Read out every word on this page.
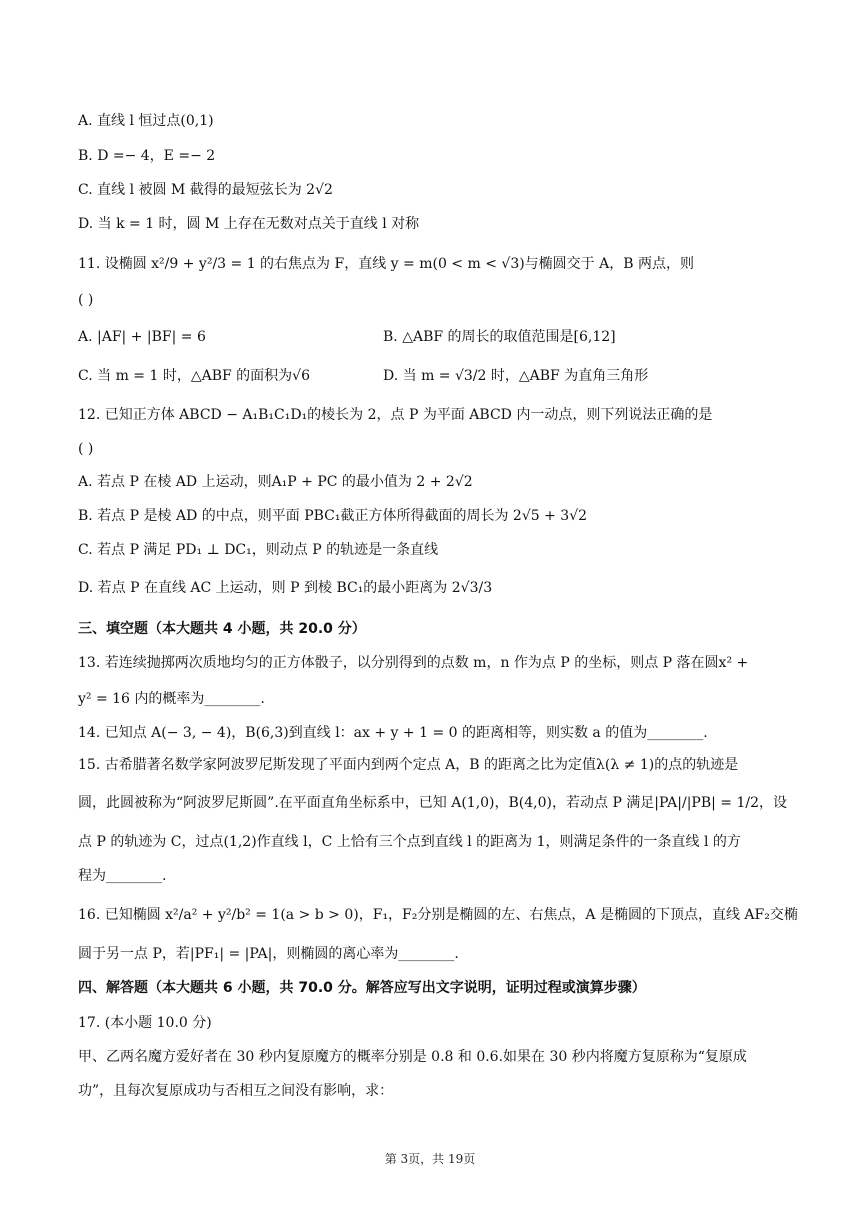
A. 直线 l 恒过点(0,1)
B. D =− 4，E =− 2
C. 直线 l 被圆 M 截得的最短弦长为 2√2
D. 当 k = 1 时，圆 M 上存在无数对点关于直线 l 对称
11. 设椭圆 x²/9 + y²/3 = 1 的右焦点为 F，直线 y = m(0 < m < √3)与椭圆交于 A，B 两点，则
( )
A. |AF| + |BF| = 6	B. △ABF 的周长的取值范围是[6,12]
C. 当 m = 1 时，△ABF 的面积为√6	D. 当 m = √3/2 时，△ABF 为直角三角形
12. 已知正方体 ABCD − A₁B₁C₁D₁的棱长为 2，点 P 为平面 ABCD 内一动点，则下列说法正确的是
( )
A. 若点 P 在棱 AD 上运动，则A₁P + PC 的最小值为 2 + 2√2
B. 若点 P 是棱 AD 的中点，则平面 PBC₁截正方体所得截面的周长为 2√5 + 3√2
C. 若点 P 满足 PD₁ ⊥ DC₁，则动点 P 的轨迹是一条直线
D. 若点 P 在直线 AC 上运动，则 P 到棱 BC₁的最小距离为 2√3/3
三、填空题（本大题共 4 小题，共 20.0 分）
13. 若连续抛掷两次质地均匀的正方体骰子，以分别得到的点数 m，n 作为点 P 的坐标，则点 P 落在圆x² +
y² = 16 内的概率为________.
14. 已知点 A(− 3, − 4)，B(6,3)到直线 l：ax + y + 1 = 0 的距离相等，则实数 a 的值为________.
15. 古希腊著名数学家阿波罗尼斯发现了平面内到两个定点 A，B 的距离之比为定值λ(λ ≠ 1)的点的轨迹是
圆，此圆被称为“阿波罗尼斯圆”.在平面直角坐标系中，已知 A(1,0)，B(4,0)，若动点 P 满足|PA|/|PB| = 1/2，设
点 P 的轨迹为 C，过点(1,2)作直线 l，C 上恰有三个点到直线 l 的距离为 1，则满足条件的一条直线 l 的方
程为________.
16. 已知椭圆 x²/a² + y²/b² = 1(a > b > 0)，F₁，F₂分别是椭圆的左、右焦点，A 是椭圆的下顶点，直线 AF₂交椭
圆于另一点 P，若|PF₁| = |PA|，则椭圆的离心率为________.
四、解答题（本大题共 6 小题，共 70.0 分。解答应写出文字说明，证明过程或演算步骤）
17. (本小题 10.0 分)
甲、乙两名魔方爱好者在 30 秒内复原魔方的概率分别是 0.8 和 0.6.如果在 30 秒内将魔方复原称为“复原成
功”，且每次复原成功与否相互之间没有影响，求：
第 3页，共 19页
